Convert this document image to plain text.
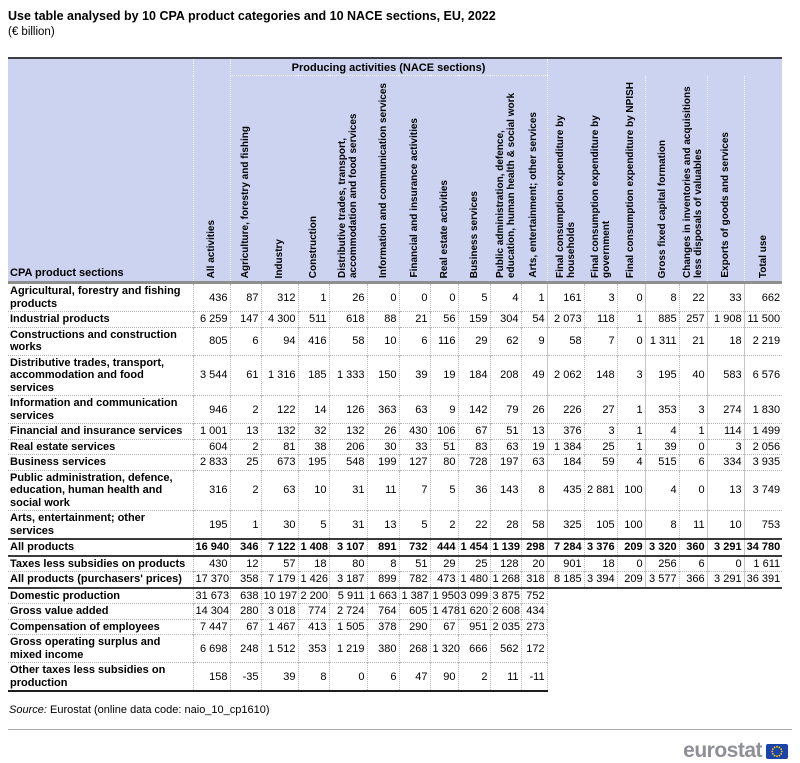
Use table analysed by 10 CPA product categories and 10 NACE sections, EU, 2022

(€ billion)

		Producing activities (NACE sections)																
CPA product sections	All activities	Agriculture, forestry and fishing	Industry	Construction	Distributive trades, transport, accommodation and food services	Information and communication services	Financial and insurance activities	Real estate activities	Business services	Public administration, defence, education, human health & social work	Arts, entertainment; other services	Final consumption expenditure by households	Final consumption expenditure by government	Final consumption expenditure by NPISH	Gross fixed capital formation	Changes in inventories and acquisitions less disposals of valuables	Exports of goods and services	Total use

Agricultural, forestry and fishing products	436	87	312	1	26	0	0	0	5	4	1	161	3	0	8	22	33	662
Industrial products	6 259	147	4 300	511	618	88	21	56	159	304	54	2 073	118	1	885	257	1 908	11 500
Constructions and construction works	805	6	94	416	58	10	6	116	29	62	9	58	7	0	1 311	21	18	2 219
Distributive trades, transport, accommodation and food services	3 544	61	1 316	185	1 333	150	39	19	184	208	49	2 062	148	3	195	40	583	6 576
Information and communication services	946	2	122	14	126	363	63	9	142	79	26	226	27	1	353	3	274	1 830
Financial and insurance services	1 001	13	132	32	132	26	430	106	67	51	13	376	3	1	4	1	114	1 499
Real estate services	604	2	81	38	206	30	33	51	83	63	19	1 384	25	1	39	0	3	2 056
Business services	2 833	25	673	195	548	199	127	80	728	197	63	184	59	4	515	6	334	3 935
Public administration, defence, education, human health and social work	316	2	63	10	31	11	7	5	36	143	8	435	2 881	100	4	0	13	3 749
Arts, entertainment; other services	195	1	30	5	31	13	5	2	22	28	58	325	105	100	8	11	10	753
All products	16 940	346	7 122	1 408	3 107	891	732	444	1 454	1 139	298	7 284	3 376	209	3 320	360	3 291	34 780
Taxes less subsidies on products	430	12	57	18	80	8	51	29	25	128	20	901	18	0	256	6	0	1 611
All products (purchasers' prices)	17 370	358	7 179	1 426	3 187	899	782	473	1 480	1 268	318	8 185	3 394	209	3 577	366	3 291	36 391
Domestic production	31 673	638	10 197	2 200	5 911	1 663	1 387	1 950	3 099	3 875	752							
Gross value added	14 304	280	3 018	774	2 724	764	605	1 478	1 620	2 608	434							
Compensation of employees	7 447	67	1 467	413	1 505	378	290	67	951	2 035	273							
Gross operating surplus and mixed income	6 698	248	1 512	353	1 219	380	268	1 320	666	562	172							
Other taxes less subsidies on production	158	-35	39	8	0	6	47	90	2	11	-11							
Source: Eurostat (online data code: naio_10_cp1610)
eurostat
